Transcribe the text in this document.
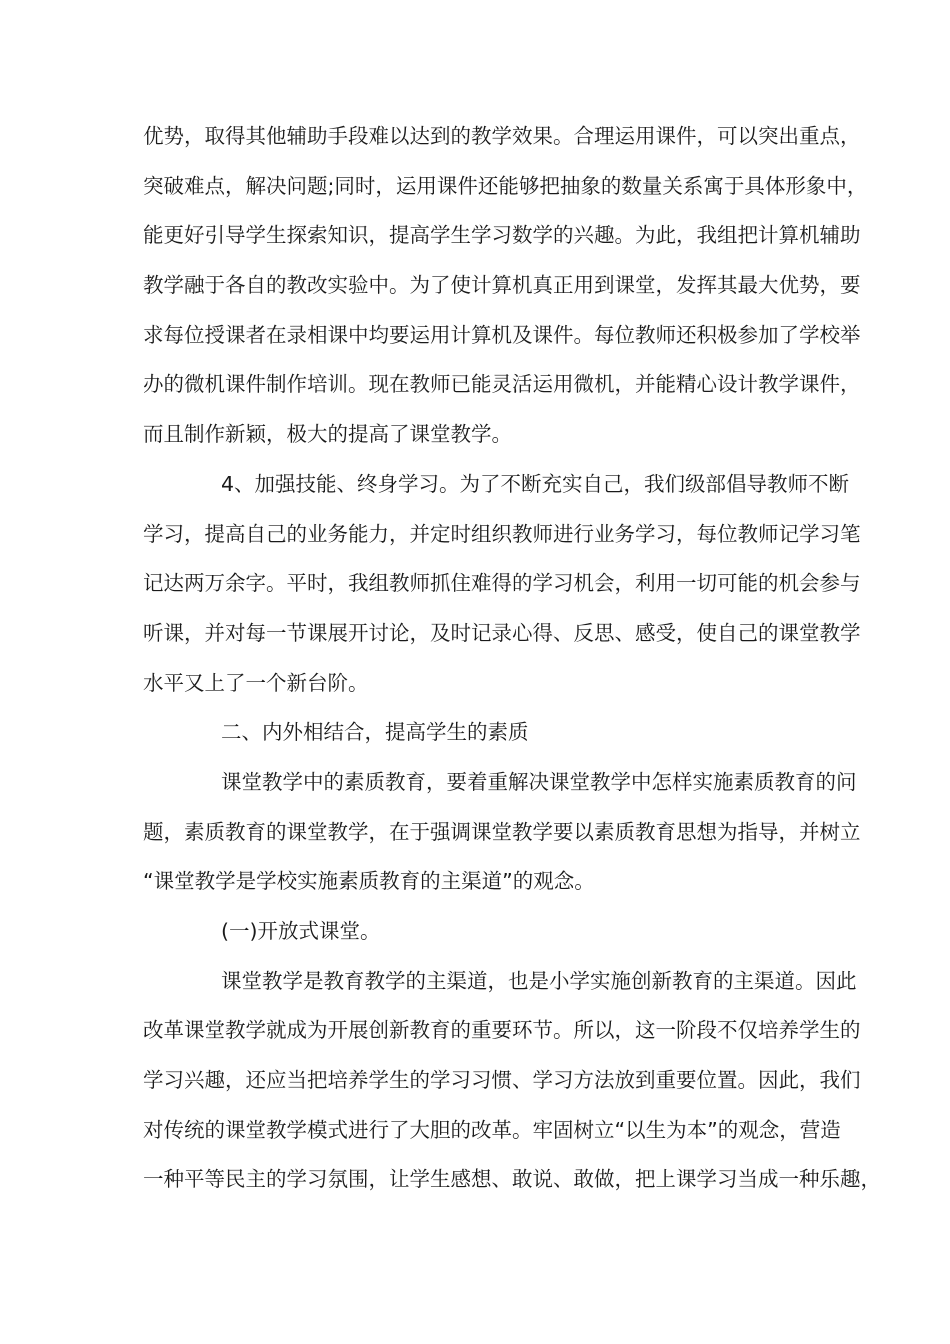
优势，取得其他辅助手段难以达到的教学效果。合理运用课件，可以突出重点，
突破难点，解决问题;同时，运用课件还能够把抽象的数量关系寓于具体形象中，
能更好引导学生探索知识，提高学生学习数学的兴趣。为此，我组把计算机辅助
教学融于各自的教改实验中。为了使计算机真正用到课堂，发挥其最大优势，要
求每位授课者在录相课中均要运用计算机及课件。每位教师还积极参加了学校举
办的微机课件制作培训。现在教师已能灵活运用微机，并能精心设计教学课件，
而且制作新颖，极大的提高了课堂教学。
4、加强技能、终身学习。为了不断充实自己，我们级部倡导教师不断
学习，提高自己的业务能力，并定时组织教师进行业务学习，每位教师记学习笔
记达两万余字。平时，我组教师抓住难得的学习机会，利用一切可能的机会参与
听课，并对每一节课展开讨论，及时记录心得、反思、感受，使自己的课堂教学
水平又上了一个新台阶。
二、内外相结合，提高学生的素质
课堂教学中的素质教育，要着重解决课堂教学中怎样实施素质教育的问
题，素质教育的课堂教学，在于强调课堂教学要以素质教育思想为指导，并树立
“课堂教学是学校实施素质教育的主渠道”的观念。
(一)开放式课堂。
课堂教学是教育教学的主渠道，也是小学实施创新教育的主渠道。因此
改革课堂教学就成为开展创新教育的重要环节。所以，这一阶段不仅培养学生的
学习兴趣，还应当把培养学生的学习习惯、学习方法放到重要位置。因此，我们
对传统的课堂教学模式进行了大胆的改革。牢固树立“以生为本”的观念，营造
一种平等民主的学习氛围，让学生感想、敢说、敢做，把上课学习当成一种乐趣，
